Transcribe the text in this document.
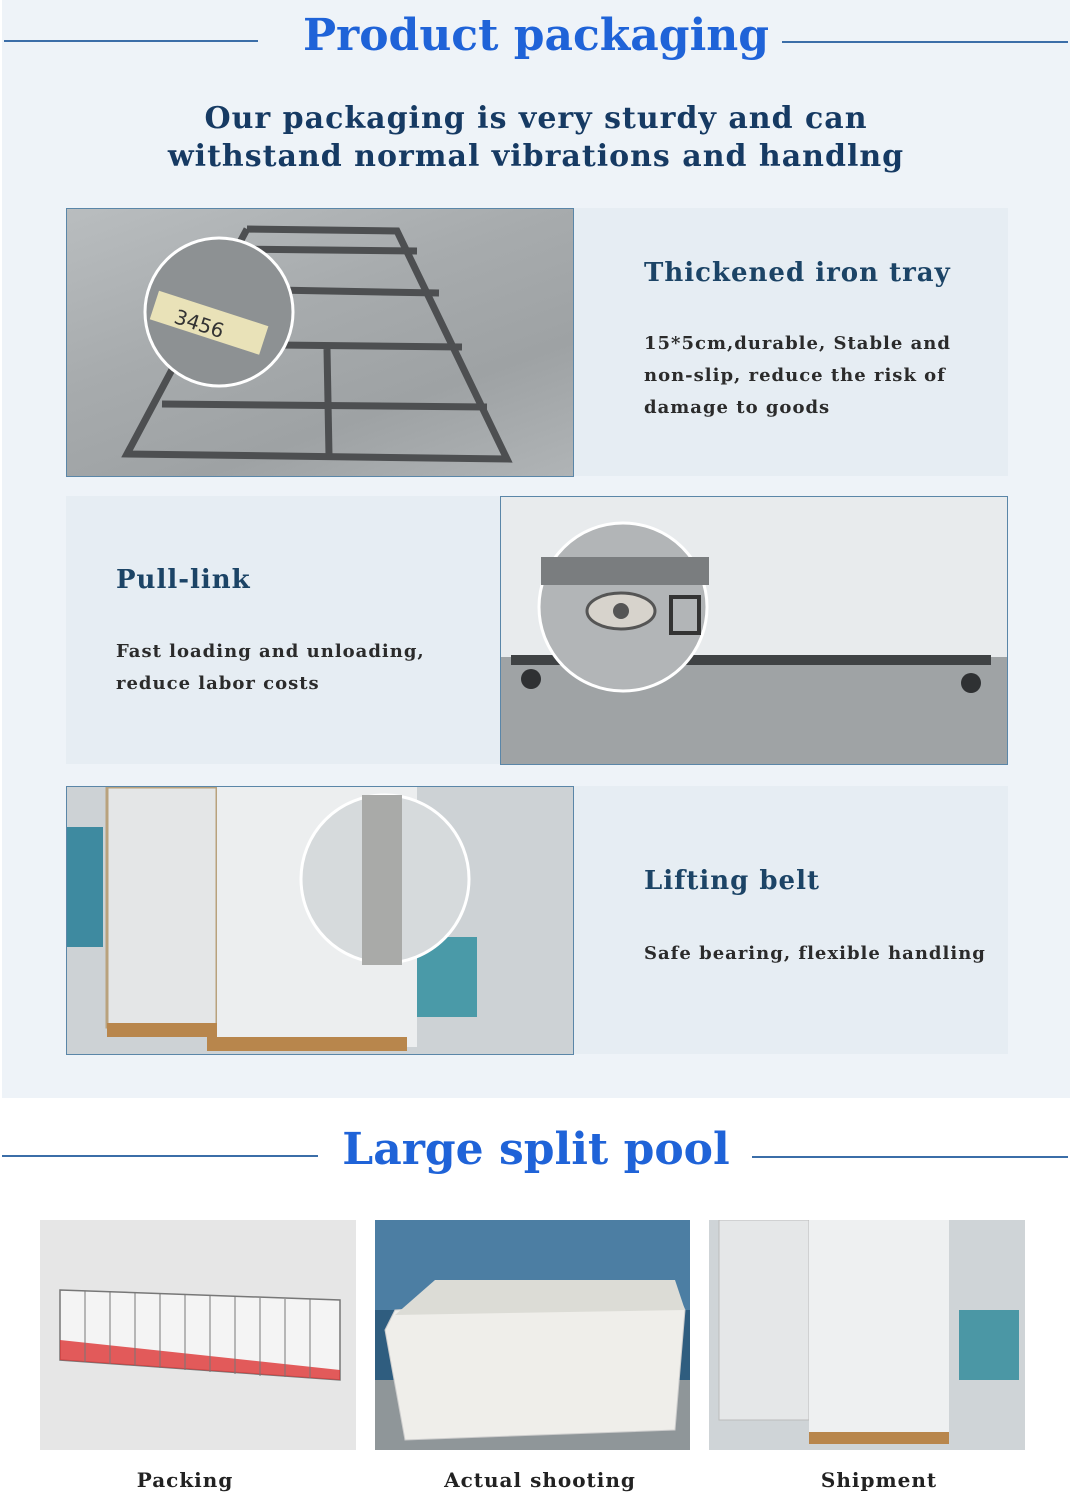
Product packaging
Our packaging is very sturdy and can
withstand normal vibrations and handlng
3456
Thickened iron tray
15*5cm,durable, Stable and
non-slip, reduce the risk of
damage to goods
Pull-link
Fast loading and unloading,
reduce labor costs
Lifting belt
Safe bearing, flexible handling
Large split pool
Packing	Actual shooting	Shipment
